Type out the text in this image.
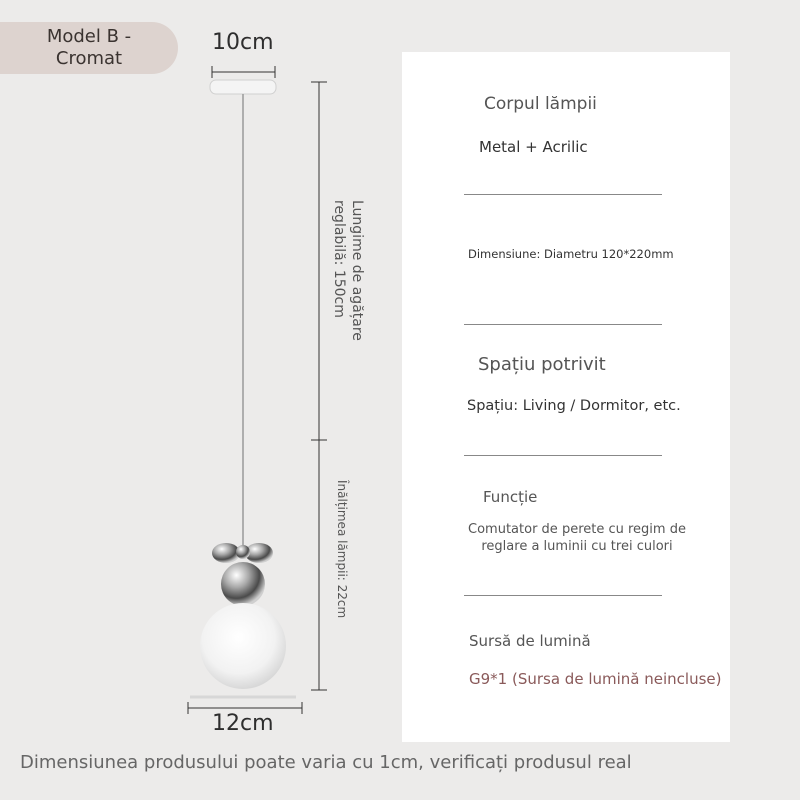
Model B -
Cromat
10cm
12cm
Lungime de agățare reglabilă: 150cm
Înălțimea lămpii: 22cm
Corpul lămpii
Metal + Acrilic
Dimensiune: Diametru 120*220mm
Spațiu potrivit
Spațiu: Living / Dormitor, etc.
Funcție
Comutator de perete cu regim de
reglare a luminii cu trei culori
Sursă de lumină
G9*1 (Sursa de lumină neincluse)
Dimensiunea produsului poate varia cu 1cm, verificați produsul real
